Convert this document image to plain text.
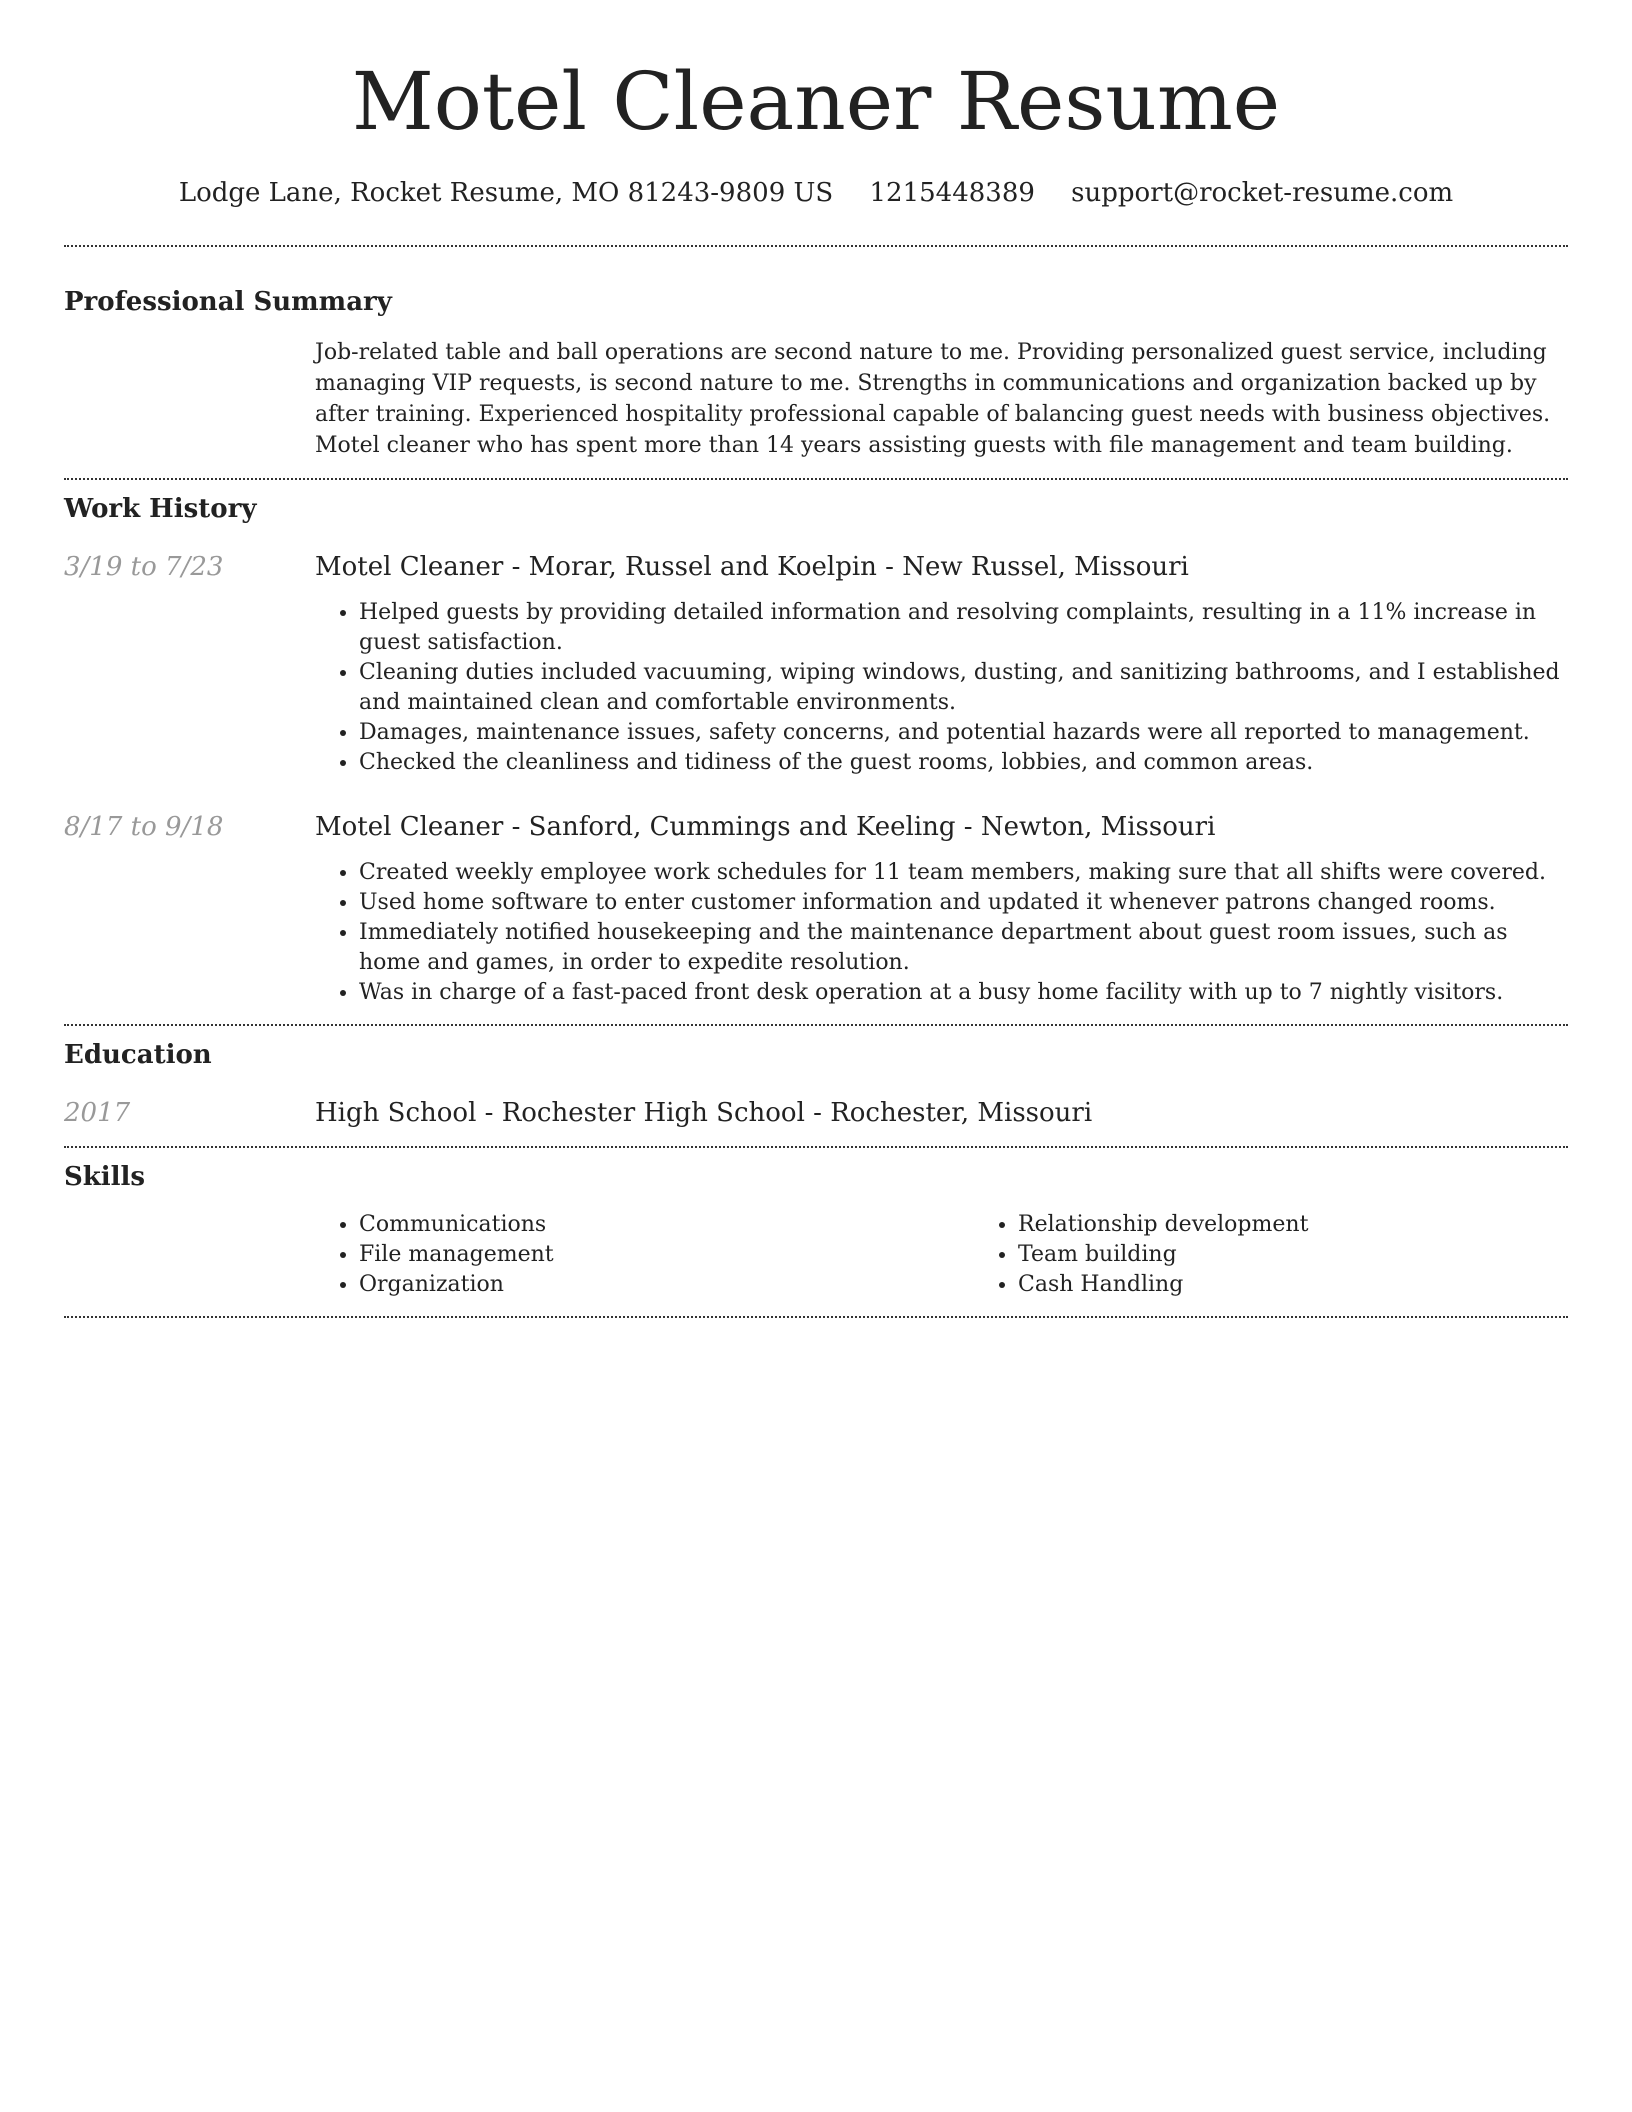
Motel Cleaner Resume
Lodge Lane, Rocket Resume, MO 81243-9809 US 1215448389 support@rocket-resume.com
Professional Summary
Job-related table and ball operations are second nature to me. Providing personalized guest service, including managing VIP requests, is second nature to me. Strengths in communications and organization backed up by after training. Experienced hospitality professional capable of balancing guest needs with business objectives. Motel cleaner who has spent more than 14 years assisting guests with file management and team building.
Work History
3/19 to 7/23	Motel Cleaner - Morar, Russel and Koelpin - New Russel, Missouri
• Helped guests by providing detailed information and resolving complaints, resulting in a 11% increase in guest satisfaction.
• Cleaning duties included vacuuming, wiping windows, dusting, and sanitizing bathrooms, and I established and maintained clean and comfortable environments.
• Damages, maintenance issues, safety concerns, and potential hazards were all reported to management.
• Checked the cleanliness and tidiness of the guest rooms, lobbies, and common areas.
8/17 to 9/18	Motel Cleaner - Sanford, Cummings and Keeling - Newton, Missouri
• Created weekly employee work schedules for 11 team members, making sure that all shifts were covered.
• Used home software to enter customer information and updated it whenever patrons changed rooms.
• Immediately notified housekeeping and the maintenance department about guest room issues, such as home and games, in order to expedite resolution.
• Was in charge of a fast-paced front desk operation at a busy home facility with up to 7 nightly visitors.
Education
2017	High School - Rochester High School - Rochester, Missouri
Skills
• Communications
• File management
• Organization
• Relationship development
• Team building
• Cash Handling
